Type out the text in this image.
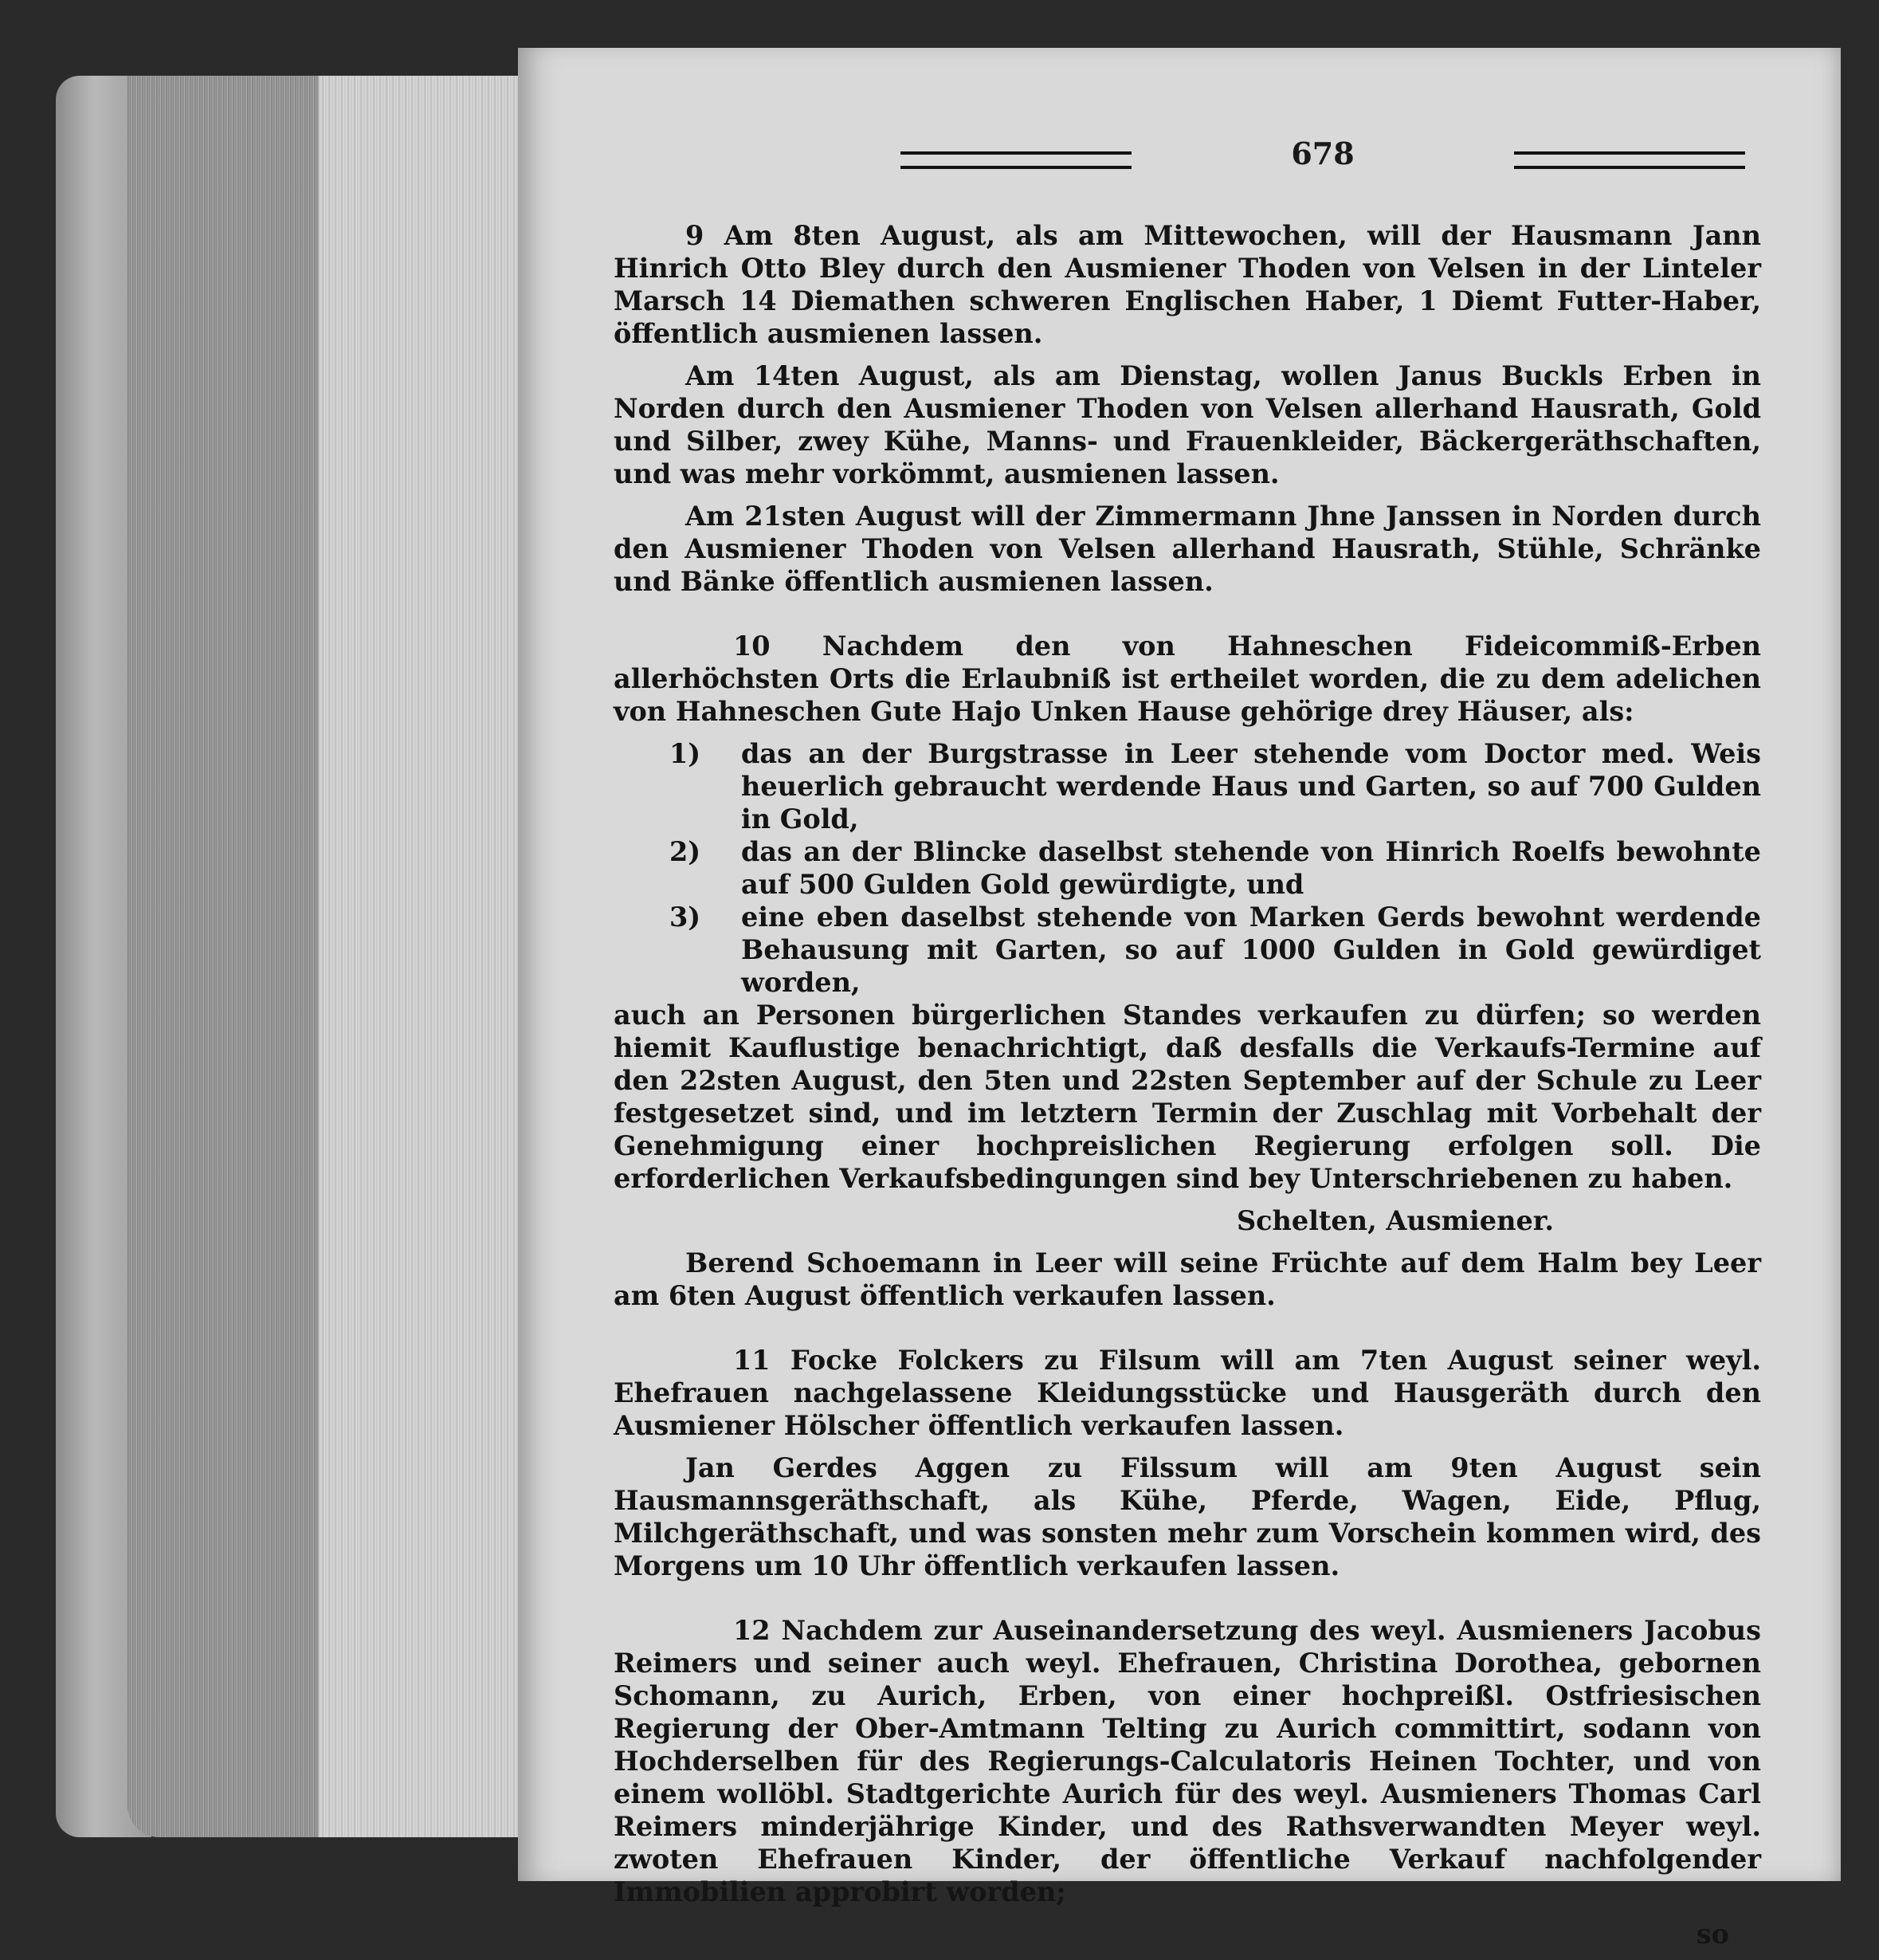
678

9 Am 8ten August, als am Mittewochen, will der Hausmann Jann Hinrich Otto Bley durch den Ausmiener Thoden von Velsen in der Linteler Marsch 14 Diemathen schweren Englischen Haber, 1 Diemt Futter-Haber, öffentlich ausmienen lassen.

Am 14ten August, als am Dienstag, wollen Janus Buckls Erben in Norden durch den Ausmiener Thoden von Velsen allerhand Hausrath, Gold und Silber, zwey Kühe, Manns- und Frauenkleider, Bäckergeräthschaften, und was mehr vorkömmt, ausmienen lassen.

Am 21sten August will der Zimmermann Jhne Janssen in Norden durch den Ausmiener Thoden von Velsen allerhand Hausrath, Stühle, Schränke und Bänke öffentlich ausmienen lassen.

10 Nachdem den von Hahneschen Fideicommiß-Erben allerhöchsten Orts die Erlaubniß ist ertheilet worden, die zu dem adelichen von Hahneschen Gute Hajo Unken Hause gehörige drey Häuser, als:

1) das an der Burgstrasse in Leer stehende vom Doctor med. Weis heuerlich gebraucht werdende Haus und Garten, so auf 700 Gulden in Gold,

2) das an der Blincke daselbst stehende von Hinrich Roelfs bewohnte auf 500 Gulden Gold gewürdigte, und

3) eine eben daselbst stehende von Marken Gerds bewohnt werdende Behausung mit Garten, so auf 1000 Gulden in Gold gewürdiget worden,

auch an Personen bürgerlichen Standes verkaufen zu dürfen; so werden hiemit Kauflustige benachrichtigt, daß desfalls die Verkaufs-Termine auf den 22sten August, den 5ten und 22sten September auf der Schule zu Leer festgesetzet sind, und im letztern Termin der Zuschlag mit Vorbehalt der Genehmigung einer hochpreislichen Regierung erfolgen soll. Die erforderlichen Verkaufsbedingungen sind bey Unterschriebenen zu haben.

Schelten, Ausmiener.

Berend Schoemann in Leer will seine Früchte auf dem Halm bey Leer am 6ten August öffentlich verkaufen lassen.

11 Focke Folckers zu Filsum will am 7ten August seiner weyl. Ehefrauen nachgelassene Kleidungsstücke und Hausgeräth durch den Ausmiener Hölscher öffentlich verkaufen lassen.

Jan Gerdes Aggen zu Filssum will am 9ten August sein Hausmannsgeräthschaft, als Kühe, Pferde, Wagen, Eide, Pflug, Milchgeräthschaft, und was sonsten mehr zum Vorschein kommen wird, des Morgens um 10 Uhr öffentlich verkaufen lassen.

12 Nachdem zur Auseinandersetzung des weyl. Ausmieners Jacobus Reimers und seiner auch weyl. Ehefrauen, Christina Dorothea, gebornen Schomann, zu Aurich, Erben, von einer hochpreißl. Ostfriesischen Regierung der Ober-Amtmann Telting zu Aurich committirt, sodann von Hochderselben für des Regierungs-Calculatoris Heinen Tochter, und von einem wollöbl. Stadtgerichte Aurich für des weyl. Ausmieners Thomas Carl Reimers minderjährige Kinder, und des Rathsverwandten Meyer weyl. zwoten Ehefrauen Kinder, der öffentliche Verkauf nachfolgender Immobilien approbirt worden;

so
